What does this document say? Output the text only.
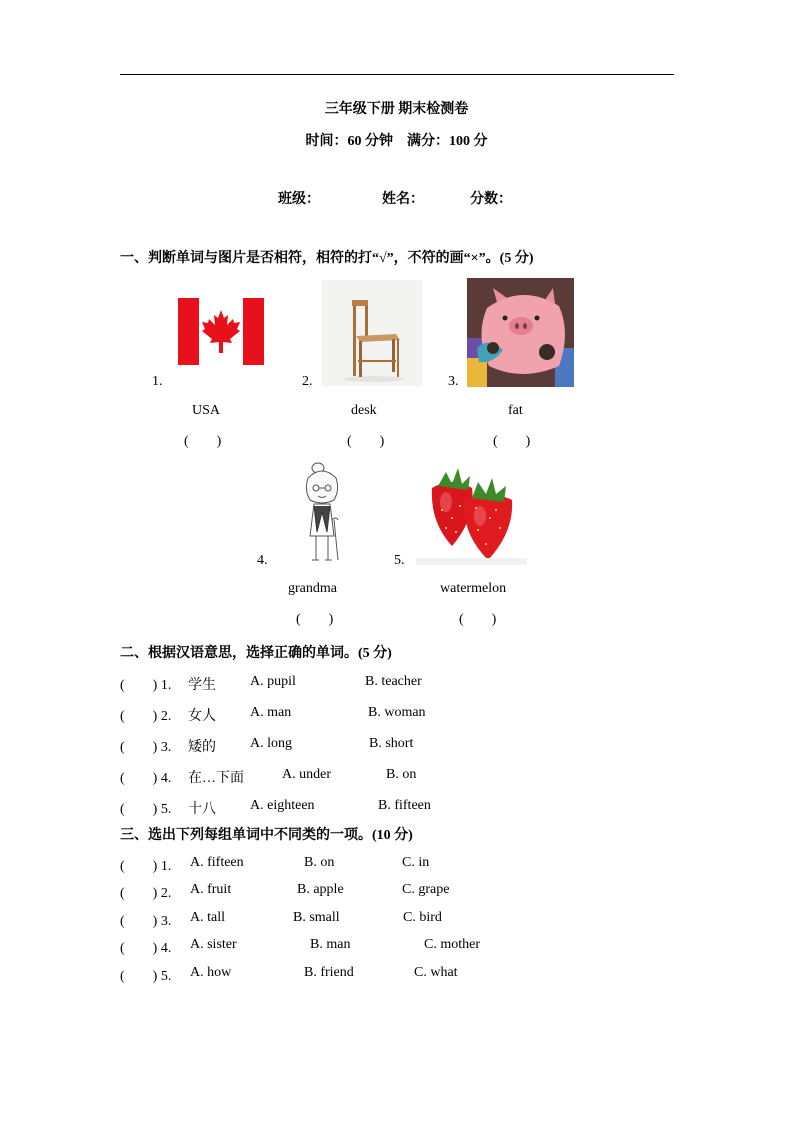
三年级下册 期末检测卷
时间：60 分钟　满分：100 分
班级：	姓名：	分数：
一、判断单词与图片是否相符，相符的打“√”，不符的画“×”。(5 分)
1.
USA
(　　)
2.
desk
(　　)
3.
fat
(　　)
4.
grandma
(　　)
5.
watermelon
(　　)
二、根据汉语意思，选择正确的单词。(5 分)
(　　) 1. 学生 A. pupil	B. teacher
(　　) 2. 女人 A. man	B. woman
(　　) 3. 矮的 A. long	B. short
(　　) 4. 在…下面	A. under	B. on
(　　) 5. 十八 A. eighteen	B. fifteen
三、选出下列每组单词中不同类的一项。(10 分)
(　　) 1. A. fifteen	B. on	C. in
(　　) 2. A. fruit	B. apple	C. grape
(　　) 3. A. tall	B. small	C. bird
(　　) 4. A. sister	B. man	C. mother
(　　) 5. A. how	B. friend	C. what
